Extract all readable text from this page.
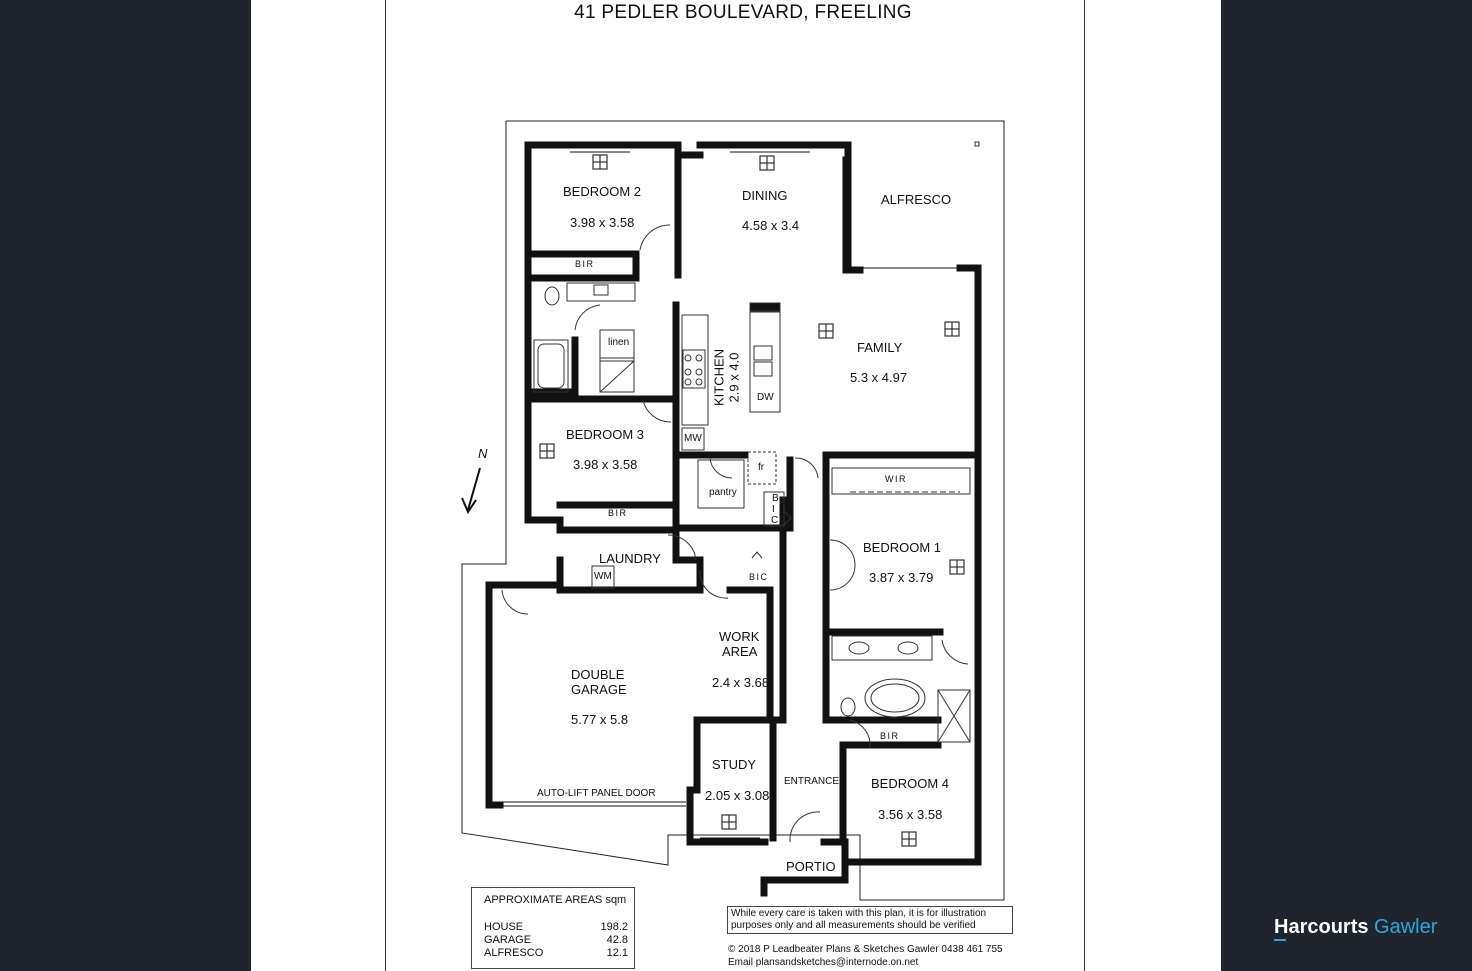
41 PEDLER BOULEVARD, FREELING
BEDROOM 2
3.98 x 3.58
DINING
4.58 x 3.4
ALFRESCO
FAMILY
5.3 x 4.97
KITCHEN 2.9 x 4.0
BEDROOM 3
3.98 x 3.58
LAUNDRY
BEDROOM 1
3.87 x 3.79
WORK
AREA
2.4 x 3.68
DOUBLE
GARAGE
5.77 x 5.8
STUDY
2.05 x 3.08
ENTRANCE BEDROOM 4
3.56 x 3.58
PORTIO
BIR
BIR
BIR
WIR
BIC
B
I
C
linen
pantry
fr
DW
MW
WM
AUTO-LIFT PANEL DOOR
N
APPROXIMATE AREAS sqm
HOUSE	198.2
GARAGE	42.8
ALFRESCO	12.1
While every care is taken with this plan, it is for illustration purposes only and all measurements should be verified
© 2018 P Leadbeater Plans & Sketches Gawler 0438 461 755
Email plansandsketches@internode.on.net
Harcourts Gawler
